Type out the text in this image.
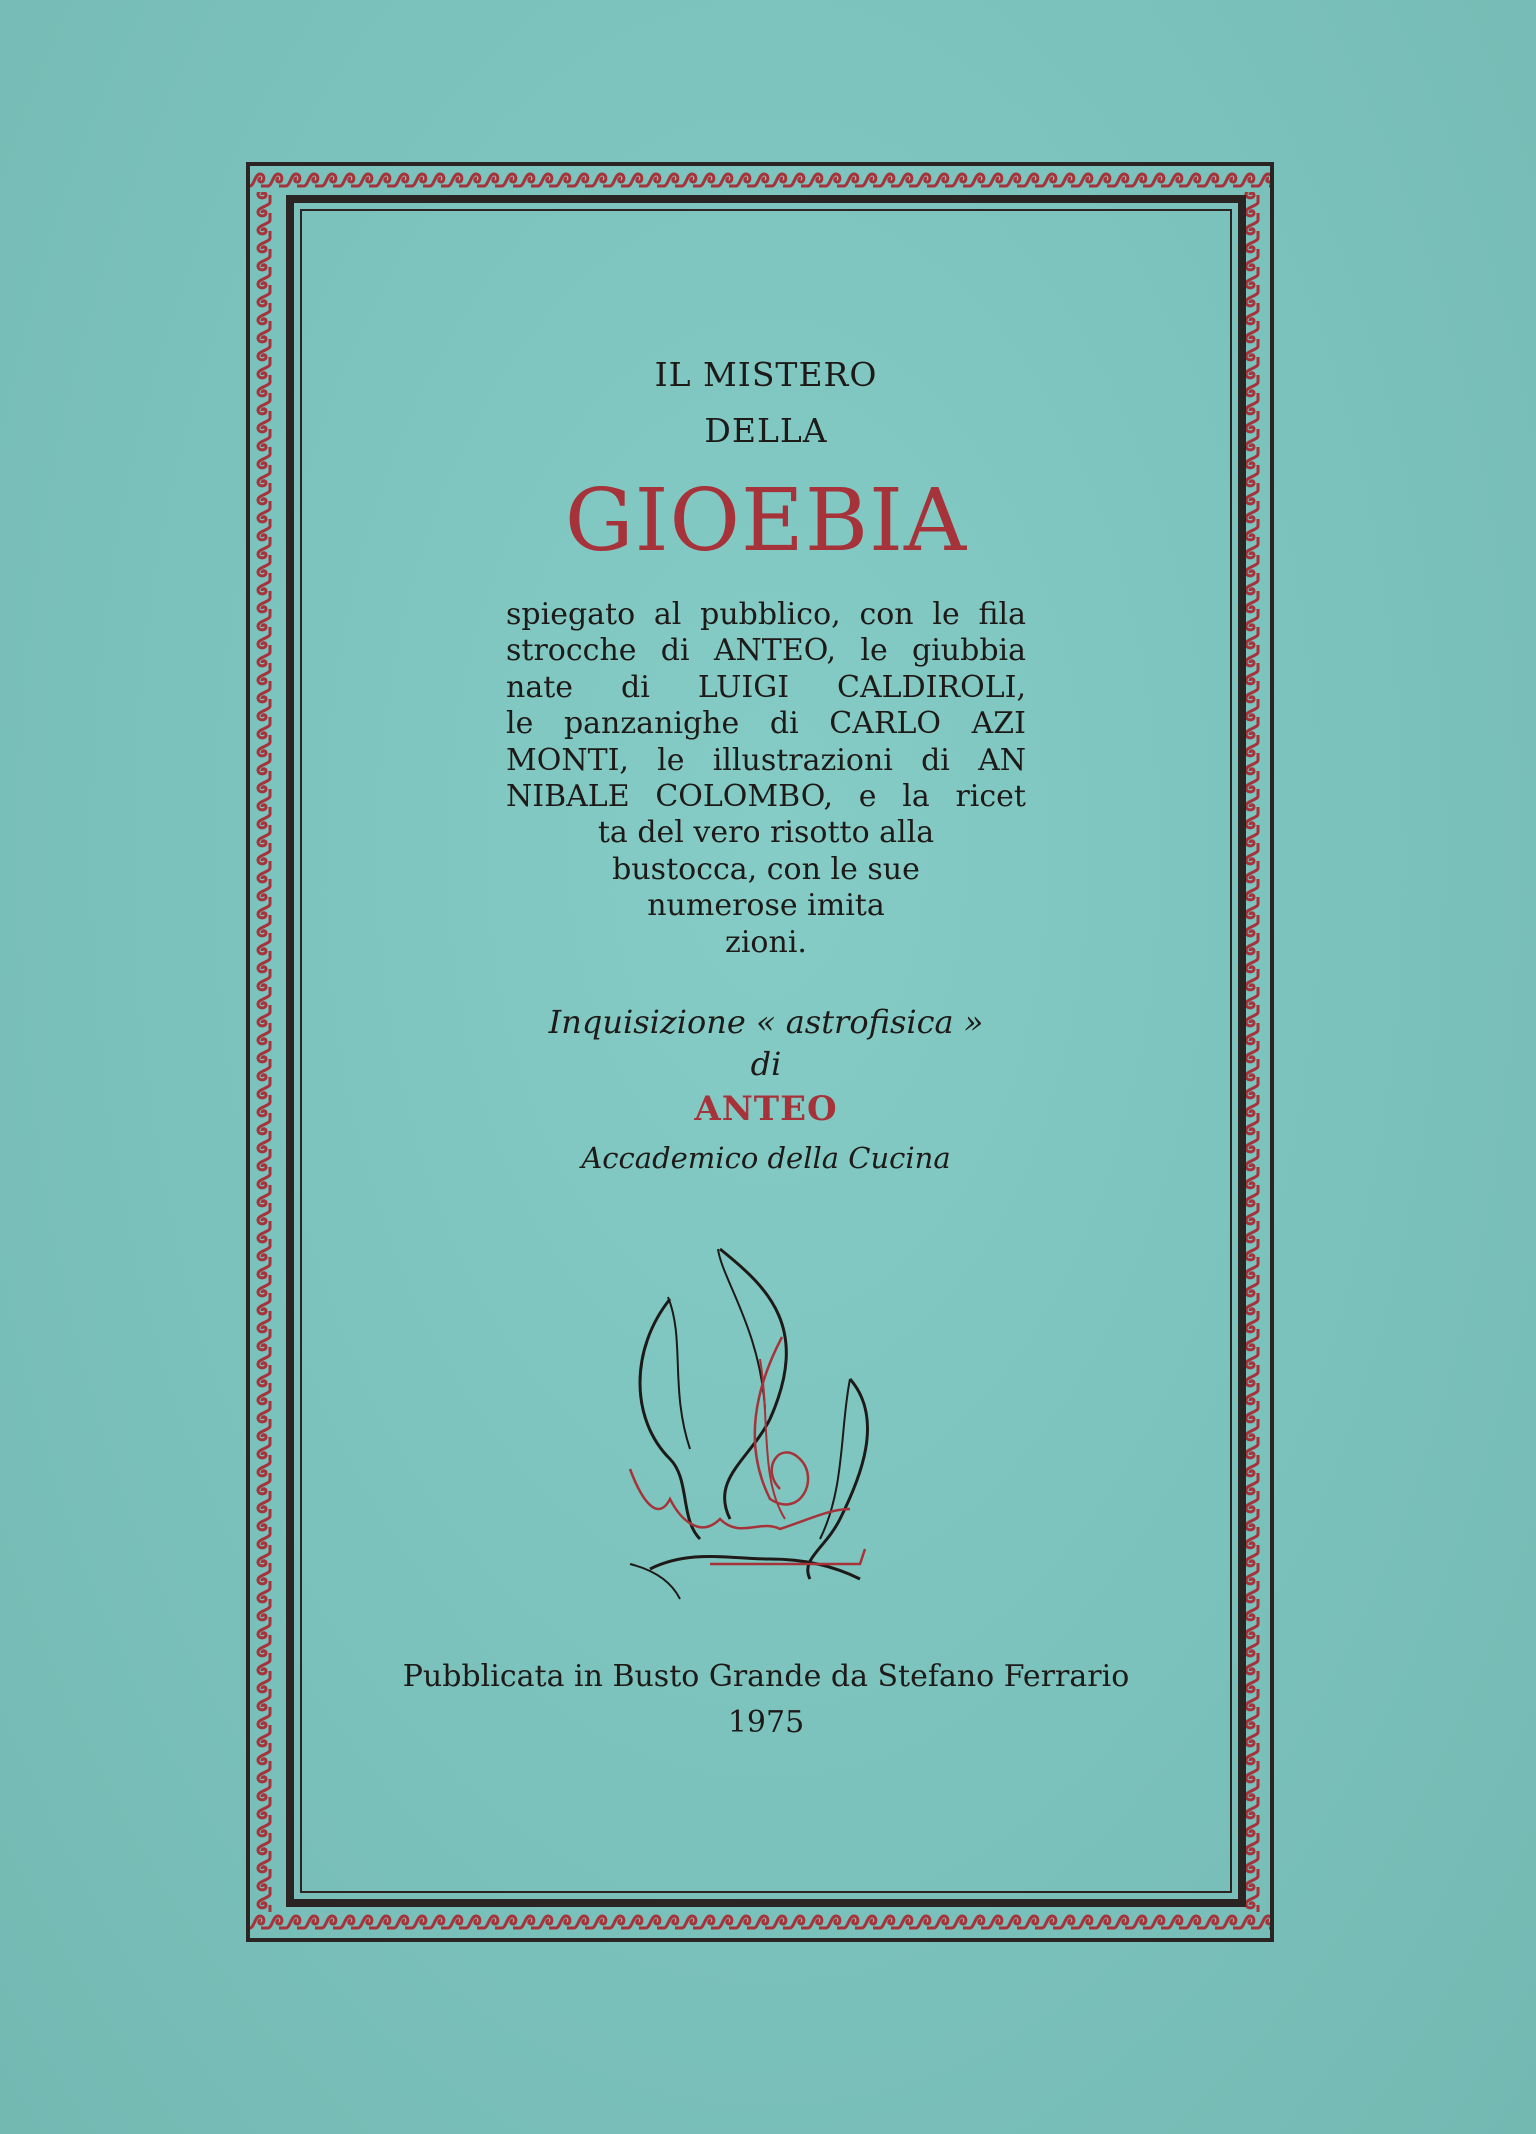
IL MISTERO
DELLA
GIOEBIA
spiegato al pubblico, con le fila
strocche di ANTEO, le giubbia
nate di LUIGI CALDIROLI,
le panzanighe di CARLO AZI
MONTI, le illustrazioni di AN
NIBALE COLOMBO, e la ricet
ta del vero risotto alla
bustocca, con le sue
numerose imita
zioni.
Inquisizione « astrofisica »
di
ANTEO
Accademico della Cucina
Pubblicata in Busto Grande da Stefano Ferrario
1975
